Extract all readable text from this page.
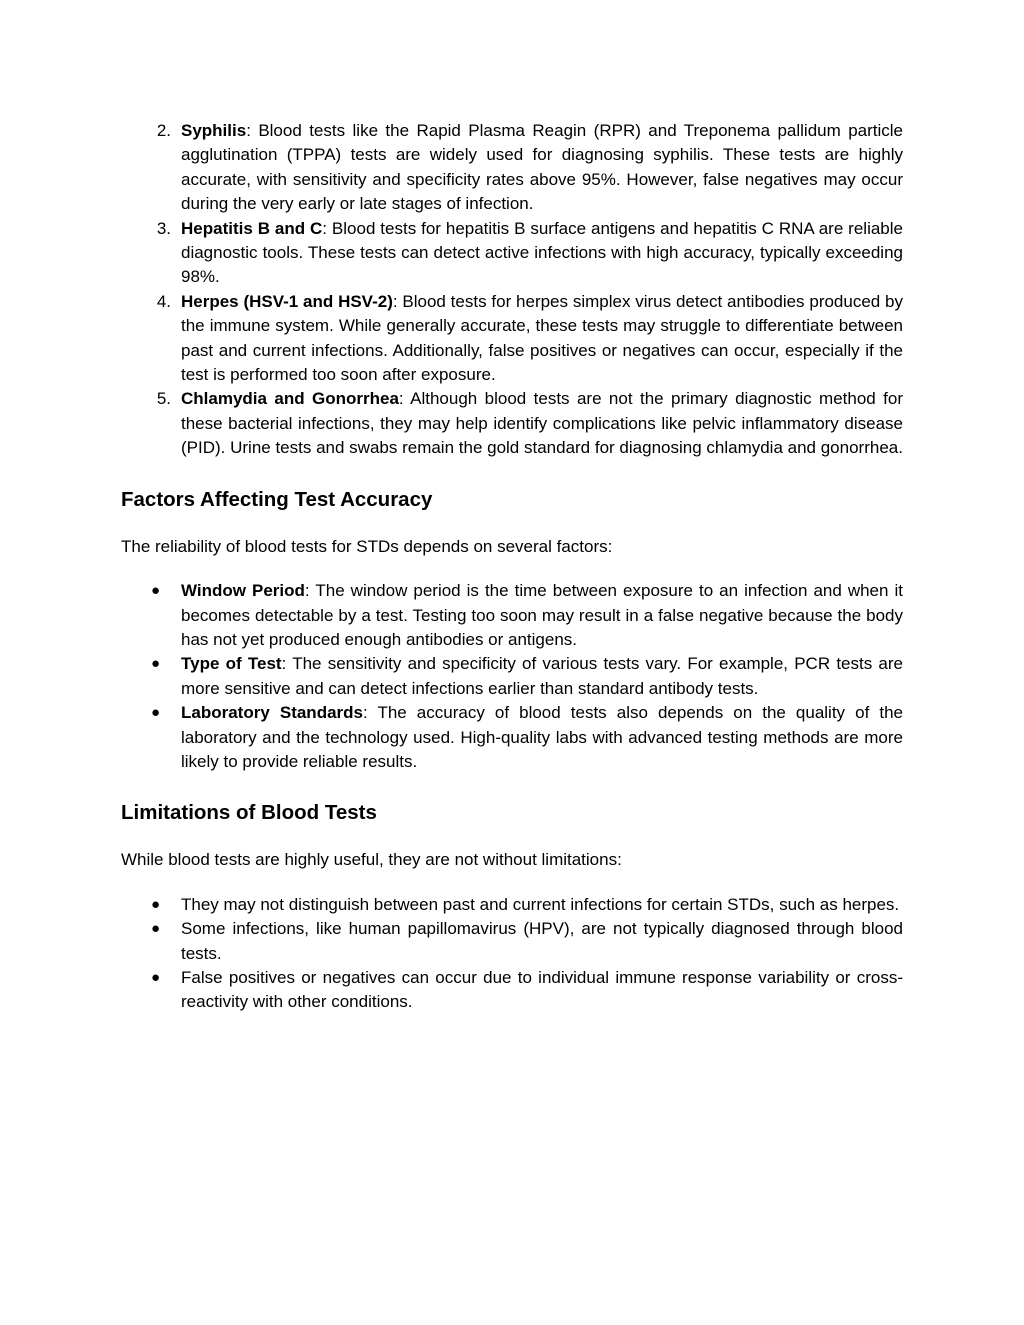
2. Syphilis: Blood tests like the Rapid Plasma Reagin (RPR) and Treponema pallidum particle agglutination (TPPA) tests are widely used for diagnosing syphilis. These tests are highly accurate, with sensitivity and specificity rates above 95%. However, false negatives may occur during the very early or late stages of infection.
3. Hepatitis B and C: Blood tests for hepatitis B surface antigens and hepatitis C RNA are reliable diagnostic tools. These tests can detect active infections with high accuracy, typically exceeding 98%.
4. Herpes (HSV-1 and HSV-2): Blood tests for herpes simplex virus detect antibodies produced by the immune system. While generally accurate, these tests may struggle to differentiate between past and current infections. Additionally, false positives or negatives can occur, especially if the test is performed too soon after exposure.
5. Chlamydia and Gonorrhea: Although blood tests are not the primary diagnostic method for these bacterial infections, they may help identify complications like pelvic inflammatory disease (PID). Urine tests and swabs remain the gold standard for diagnosing chlamydia and gonorrhea.
Factors Affecting Test Accuracy

The reliability of blood tests for STDs depends on several factors:

● Window Period: The window period is the time between exposure to an infection and when it becomes detectable by a test. Testing too soon may result in a false negative because the body has not yet produced enough antibodies or antigens.
● Type of Test: The sensitivity and specificity of various tests vary. For example, PCR tests are more sensitive and can detect infections earlier than standard antibody tests.
● Laboratory Standards: The accuracy of blood tests also depends on the quality of the laboratory and the technology used. High-quality labs with advanced testing methods are more likely to provide reliable results.
Limitations of Blood Tests

While blood tests are highly useful, they are not without limitations:

● They may not distinguish between past and current infections for certain STDs, such as herpes.
● Some infections, like human papillomavirus (HPV), are not typically diagnosed through blood tests.
● False positives or negatives can occur due to individual immune response variability or cross-reactivity with other conditions.
